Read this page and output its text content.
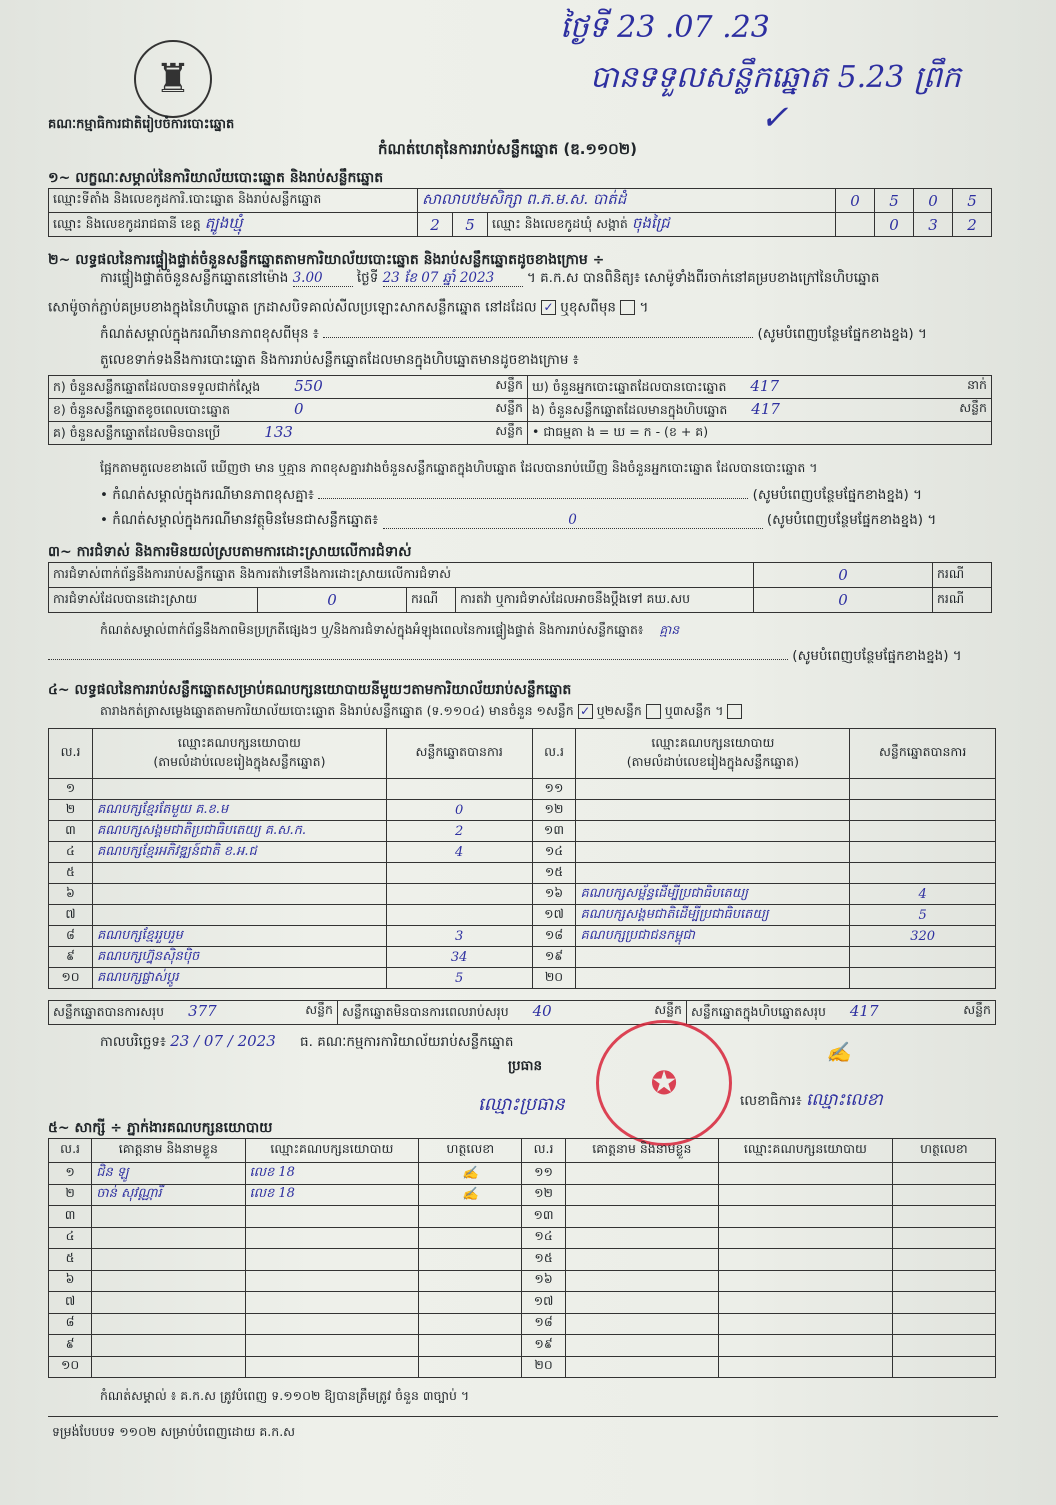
ថ្ងៃទី 23 .07 .23
បានទទួលសន្លឹកឆ្នោត 5.23 ព្រឹក
✓
♜
គណៈកម្មាធិការជាតិរៀបចំការបោះឆ្នោត
កំណត់ហេតុនៃការរាប់សន្លឹកឆ្នោត (ឌ.១១០២)
១~ លក្ខណៈសម្គាល់នៃការិយាល័យបោះឆ្នោត និងរាប់សន្លឹកឆ្នោត
ឈ្មោះទីតាំង និងលេខកូដការិ.បោះឆ្នោត និងរាប់សន្លឹកឆ្នោត	សាលាបឋមសិក្សា ព.ភ.ម.ស. បាត់ដំ			0	5	0	5
ឈ្មោះ និងលេខកូដរាជធានី ខេត្ត ត្បូងឃ្មុំ	2	5	ឈ្មោះ និងលេខកូដឃុំ សង្កាត់ ចុងជ្រៃ		0	3	2
២~ លទ្ធផលនៃការផ្ទៀងផ្ទាត់ចំនួនសន្លឹកឆ្នោតតាមការិយាល័យបោះឆ្នោត និងរាប់សន្លឹកឆ្នោតដូចខាងក្រោម ÷
ការផ្ទៀងផ្ទាត់ចំនួនសន្លឹកឆ្នោតនៅម៉ោង 3.00	ថ្ងៃទី 23 ខែ 07 ឆ្នាំ 2023 ។ គ.ក.ស បានពិនិត្យ៖ សោម៉ូទាំងពីរចាក់នៅគម្របខាងក្រៅនៃហិបឆ្នោត
សោម៉ូចាក់ភ្ជាប់គម្របខាងក្នុងនៃហិបឆ្នោត ក្រដាសបិទគាល់សីលប្រឡោះសាកសន្លឹកឆ្នោត នៅដដែល ✓ ឬខុសពីមុន  ។
កំណត់សម្គាល់ក្នុងករណីមានភាពខុសពីមុន ៖	(សូមបំពេញបន្ថែមផ្នែកខាងខ្នង) ។
តួលេខទាក់ទងនឹងការបោះឆ្នោត និងការរាប់សន្លឹកឆ្នោតដែលមានក្នុងហិបឆ្នោតមានដូចខាងក្រោម ៖
ក) ចំនួនសន្លឹកឆ្នោតដែលបានទទួលជាក់ស្តែង 550 សន្លឹក	ឃ) ចំនួនអ្នកបោះឆ្នោតដែលបានបោះឆ្នោត 417 នាក់

ខ) ចំនួនសន្លឹកឆ្នោតខូចពេលបោះឆ្នោត 0 សន្លឹក	ង) ចំនួនសន្លឹកឆ្នោតដែលមានក្នុងហិបឆ្នោត 417 សន្លឹក

គ) ចំនួនសន្លឹកឆ្នោតដែលមិនបានប្រើ 133 សន្លឹក	• ជាធម្មតា ង = ឃ = ក - (ខ + គ)
ផ្អែកតាមតួលេខខាងលើ ឃើញថា មាន ឬគ្មាន ភាពខុសគ្នារវាងចំនួនសន្លឹកឆ្នោតក្នុងហិបឆ្នោត ដែលបានរាប់ឃើញ និងចំនួនអ្នកបោះឆ្នោត ដែលបានបោះឆ្នោត ។
• កំណត់សម្គាល់ក្នុងករណីមានភាពខុសគ្នា៖	(សូមបំពេញបន្ថែមផ្នែកខាងខ្នង) ។
• កំណត់សម្គាល់ក្នុងករណីមានវត្ថុមិនមែនជាសន្លឹកឆ្នោត៖	0	(សូមបំពេញបន្ថែមផ្នែកខាងខ្នង) ។
៣~ ការជំទាស់ និងការមិនយល់ស្របតាមការដោះស្រាយលើការជំទាស់
ការជំទាស់ពាក់ព័ន្ធនឹងការរាប់សន្លឹកឆ្នោត និងការតវ៉ាទៅនឹងការដោះស្រាយលើការជំទាស់				0	ករណី
ការជំទាស់ដែលបានដោះស្រាយ	0	ករណី	ការតវ៉ា ឬការជំទាស់ដែលអាចនឹងប្តឹងទៅ គឃ.សប	0	ករណី
កំណត់សម្គាល់ពាក់ព័ន្ធនឹងភាពមិនប្រក្រតីផ្សេងៗ ឬ/និងការជំទាស់ក្នុងអំឡុងពេលនៃការផ្ទៀងផ្ទាត់ និងការរាប់សន្លឹកឆ្នោត៖ គ្មាន
(សូមបំពេញបន្ថែមផ្នែកខាងខ្នង) ។
៤~ លទ្ធផលនៃការរាប់សន្លឹកឆ្នោតសម្រាប់គណបក្សនយោបាយនីមួយៗតាមការិយាល័យរាប់សន្លឹកឆ្នោត
តារាងកត់ត្រាសម្លេងឆ្នោតតាមការិយាល័យបោះឆ្នោត និងរាប់សន្លឹកឆ្នោត (ទ.១១០៤) មានចំនួន ១សន្លឹក ✓ ឬ២សន្លឹក ឬ៣សន្លឹក ។
ល.រ	ឈ្មោះគណបក្សនយោបាយ
(តាមលំដាប់លេខរៀងក្នុងសន្លឹកឆ្នោត)	សន្លឹកឆ្នោតបានការ	ល.រ	ឈ្មោះគណបក្សនយោបាយ
(តាមលំដាប់លេខរៀងក្នុងសន្លឹកឆ្នោត)	សន្លឹកឆ្នោតបានការ
១			១១		
២	គណបក្សខ្មែរតែមួយ គ.ខ.ម	0	១២		
៣	គណបក្សសង្គមជាតិប្រជាធិបតេយ្យ គ.ស.ក.	2	១៣		
៤	គណបក្សខ្មែរអភិវឌ្ឍន៍ជាតិ ខ.អ.ជ	4	១៤		
៥			១៥		
៦			១៦	គណបក្សសម្ព័ន្ធដើម្បីប្រជាធិបតេយ្យ	4
៧			១៧	គណបក្សសង្គមជាតិដើម្បីប្រជាធិបតេយ្យ	5
៨	គណបក្សខ្មែររួបរួម	3	១៨	គណបក្សប្រជាជនកម្ពុជា	320
៩	គណបក្សហ្វ៊ុនស៊ិនប៉ិច	34	១៩		
១០	គណបក្សផ្លាស់ប្តូរ	5	២០		
សន្លឹកឆ្នោតបានការសរុប 377	សន្លឹក	សន្លឹកឆ្នោតមិនបានការពេលរាប់សរុប 40	សន្លឹក	សន្លឹកឆ្នោតក្នុងហិបឆ្នោតសរុប 417	សន្លឹក
កាលបរិច្ឆេទ៖ 23 / 07 / 2023 ធ. គណៈកម្មការការិយាល័យរាប់សន្លឹកឆ្នោត
ប្រធាន
ឈ្មោះប្រធាន
✪
✍
លេខាធិការ៖ ឈ្មោះលេខា
៥~ សាក្សី ÷ ភ្នាក់ងារគណបក្សនយោបាយ
ល.រ	គោត្តនាម និងនាមខ្លួន	ឈ្មោះគណបក្សនយោបាយ	ហត្ថលេខា	ល.រ	គោត្តនាម និងនាមខ្លួន	ឈ្មោះគណបក្សនយោបាយ	ហត្ថលេខា
១	ជិន ឡូ	លេខ 18	✍	១១			
២	ចាន់ សុវណ្ណារី	លេខ 18	✍	១២			
៣				១៣			
៤				១៤			
៥				១៥			
៦				១៦			
៧				១៧			
៨				១៨			
៩				១៩			
១០				២០			
កំណត់សម្គាល់ ៖ គ.ក.ស ត្រូវបំពេញ ទ.១១០២ ឱ្យបានត្រឹមត្រូវ ចំនួន ៣ច្បាប់ ។
ទម្រង់បែបបទ ១១០២ សម្រាប់បំពេញដោយ គ.ក.ស
